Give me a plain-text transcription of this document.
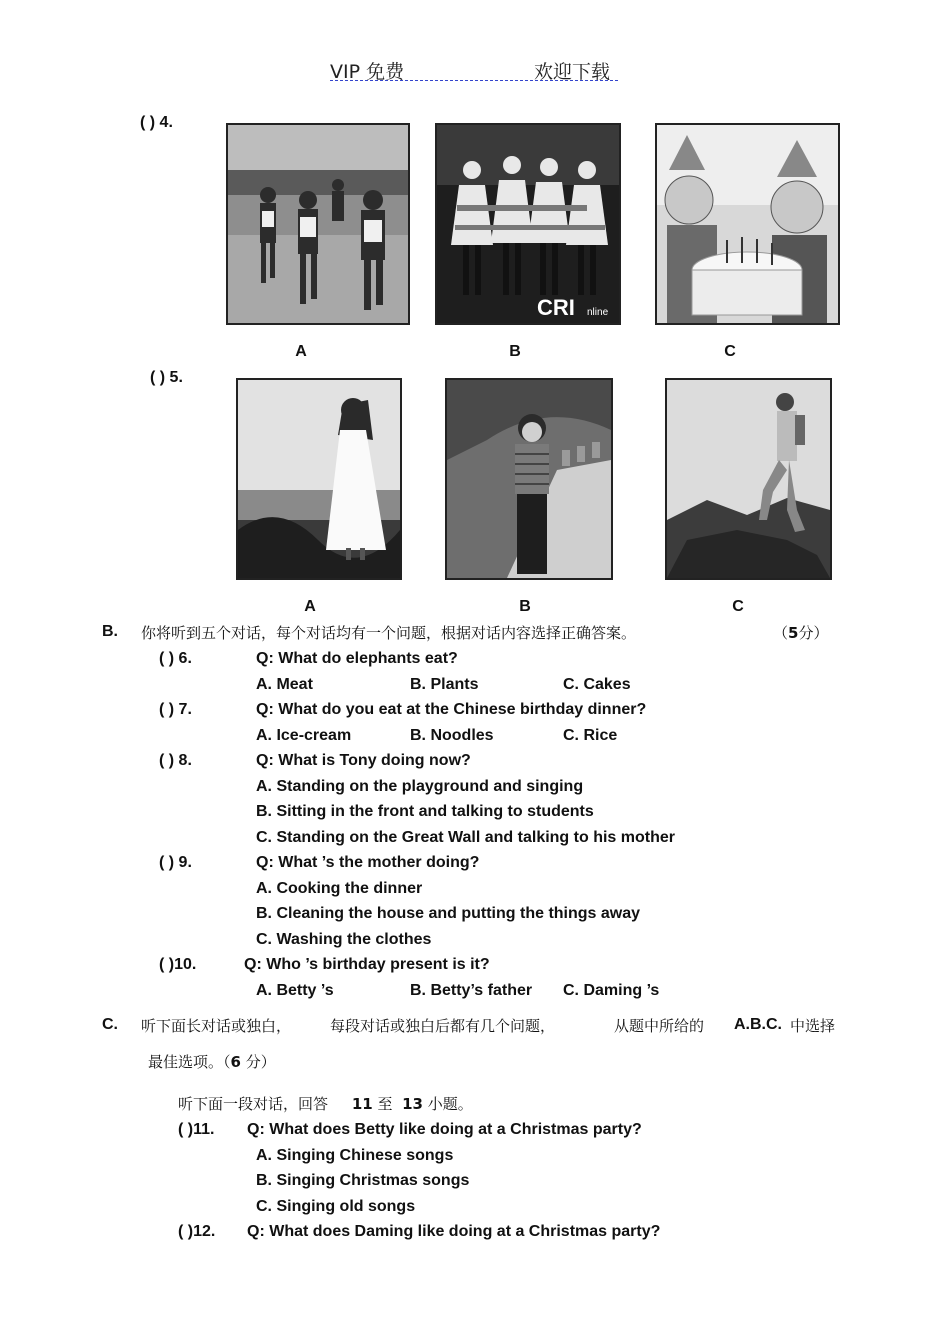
VIP 免费	欢迎下载
( ) 4.
CRI nline
A	B	C
( ) 5.
A	B	C
B. 你将听到五个对话，每个对话均有一个问题，根据对话内容选择正确答案。	（5分）
( ) 6.	Q: What do elephants eat?
A. Meat	B. Plants	C. Cakes
( ) 7.	Q: What do you eat at the Chinese birthday dinner?
A. Ice-cream	B. Noodles	C. Rice
( ) 8.	Q: What is Tony doing now?
A. Standing on the playground and singing
B. Sitting in the front and talking to students
C. Standing on the Great Wall and talking to his mother
( ) 9.	Q: What ’s the mother doing?
A. Cooking the dinner
B. Cleaning the house and putting the things away
C. Washing the clothes
( )10.	Q: Who ’s birthday present is it?
A. Betty ’s	B. Betty’s father C. Daming ’s
C. 听下面长对话或独白，	每段对话或独白后都有几个问题，	从题中所给的 A.B.C. 中选择
最佳选项。（6 分）
听下面一段对话，回答 11 至 13 小题。
( )11. Q: What does Betty like doing at a Christmas party?
A. Singing Chinese songs
B. Singing Christmas songs
C. Singing old songs
( )12. Q: What does Daming like doing at a Christmas party?
